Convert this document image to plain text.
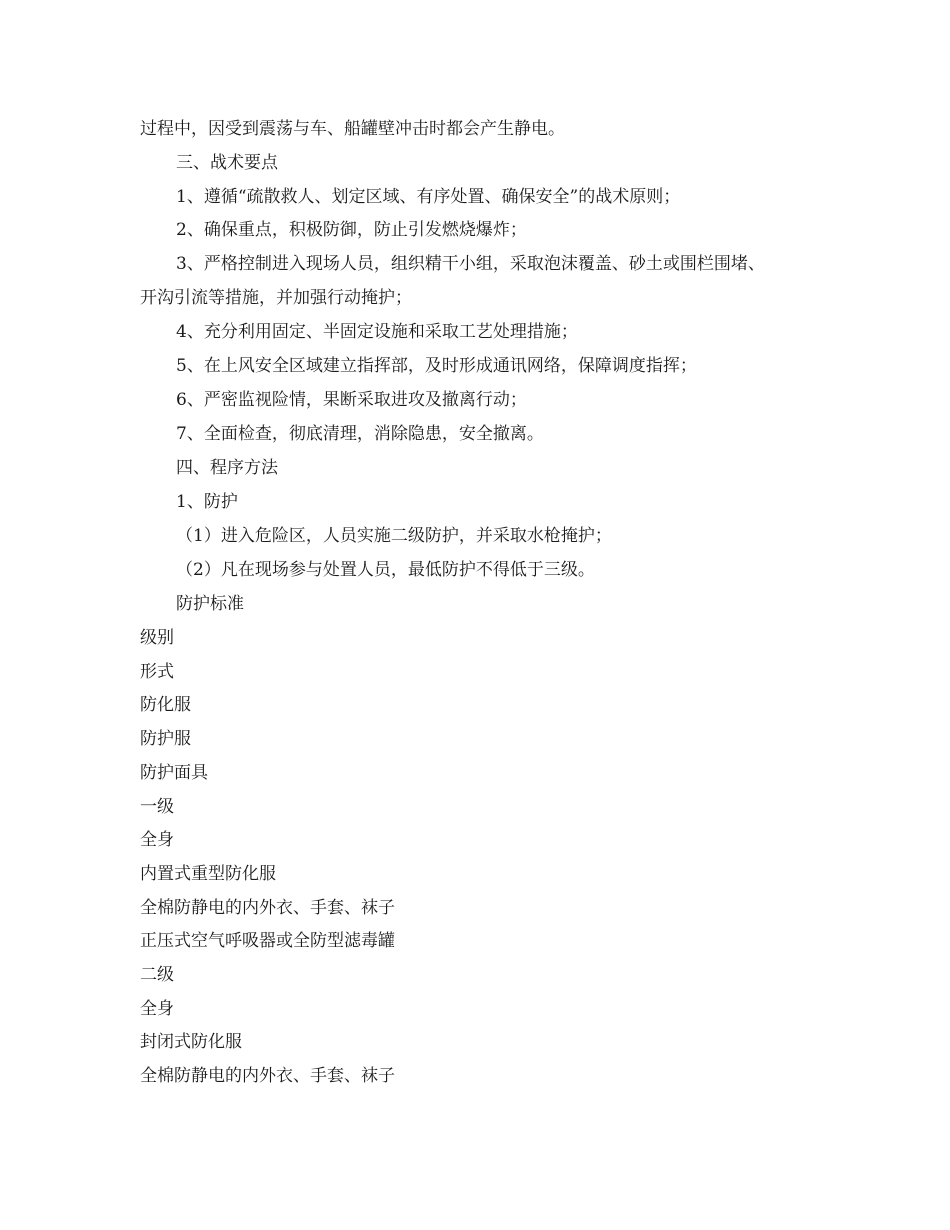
过程中，因受到震荡与车、船罐壁冲击时都会产生静电。
三、战术要点
1、遵循“疏散救人、划定区域、有序处置、确保安全”的战术原则；
2、确保重点，积极防御，防止引发燃烧爆炸；
3、严格控制进入现场人员，组织精干小组，采取泡沫覆盖、砂土或围栏围堵、
开沟引流等措施，并加强行动掩护；
4、充分利用固定、半固定设施和采取工艺处理措施；
5、在上风安全区域建立指挥部，及时形成通讯网络，保障调度指挥；
6、严密监视险情，果断采取进攻及撤离行动；
7、全面检查，彻底清理，消除隐患，安全撤离。
四、程序方法
1、防护
（1）进入危险区，人员实施二级防护，并采取水枪掩护；
（2）凡在现场参与处置人员，最低防护不得低于三级。
防护标准
级别
形式
防化服
防护服
防护面具
一级
全身
内置式重型防化服
全棉防静电的内外衣、手套、袜子
正压式空气呼吸器或全防型滤毒罐
二级
全身
封闭式防化服
全棉防静电的内外衣、手套、袜子
